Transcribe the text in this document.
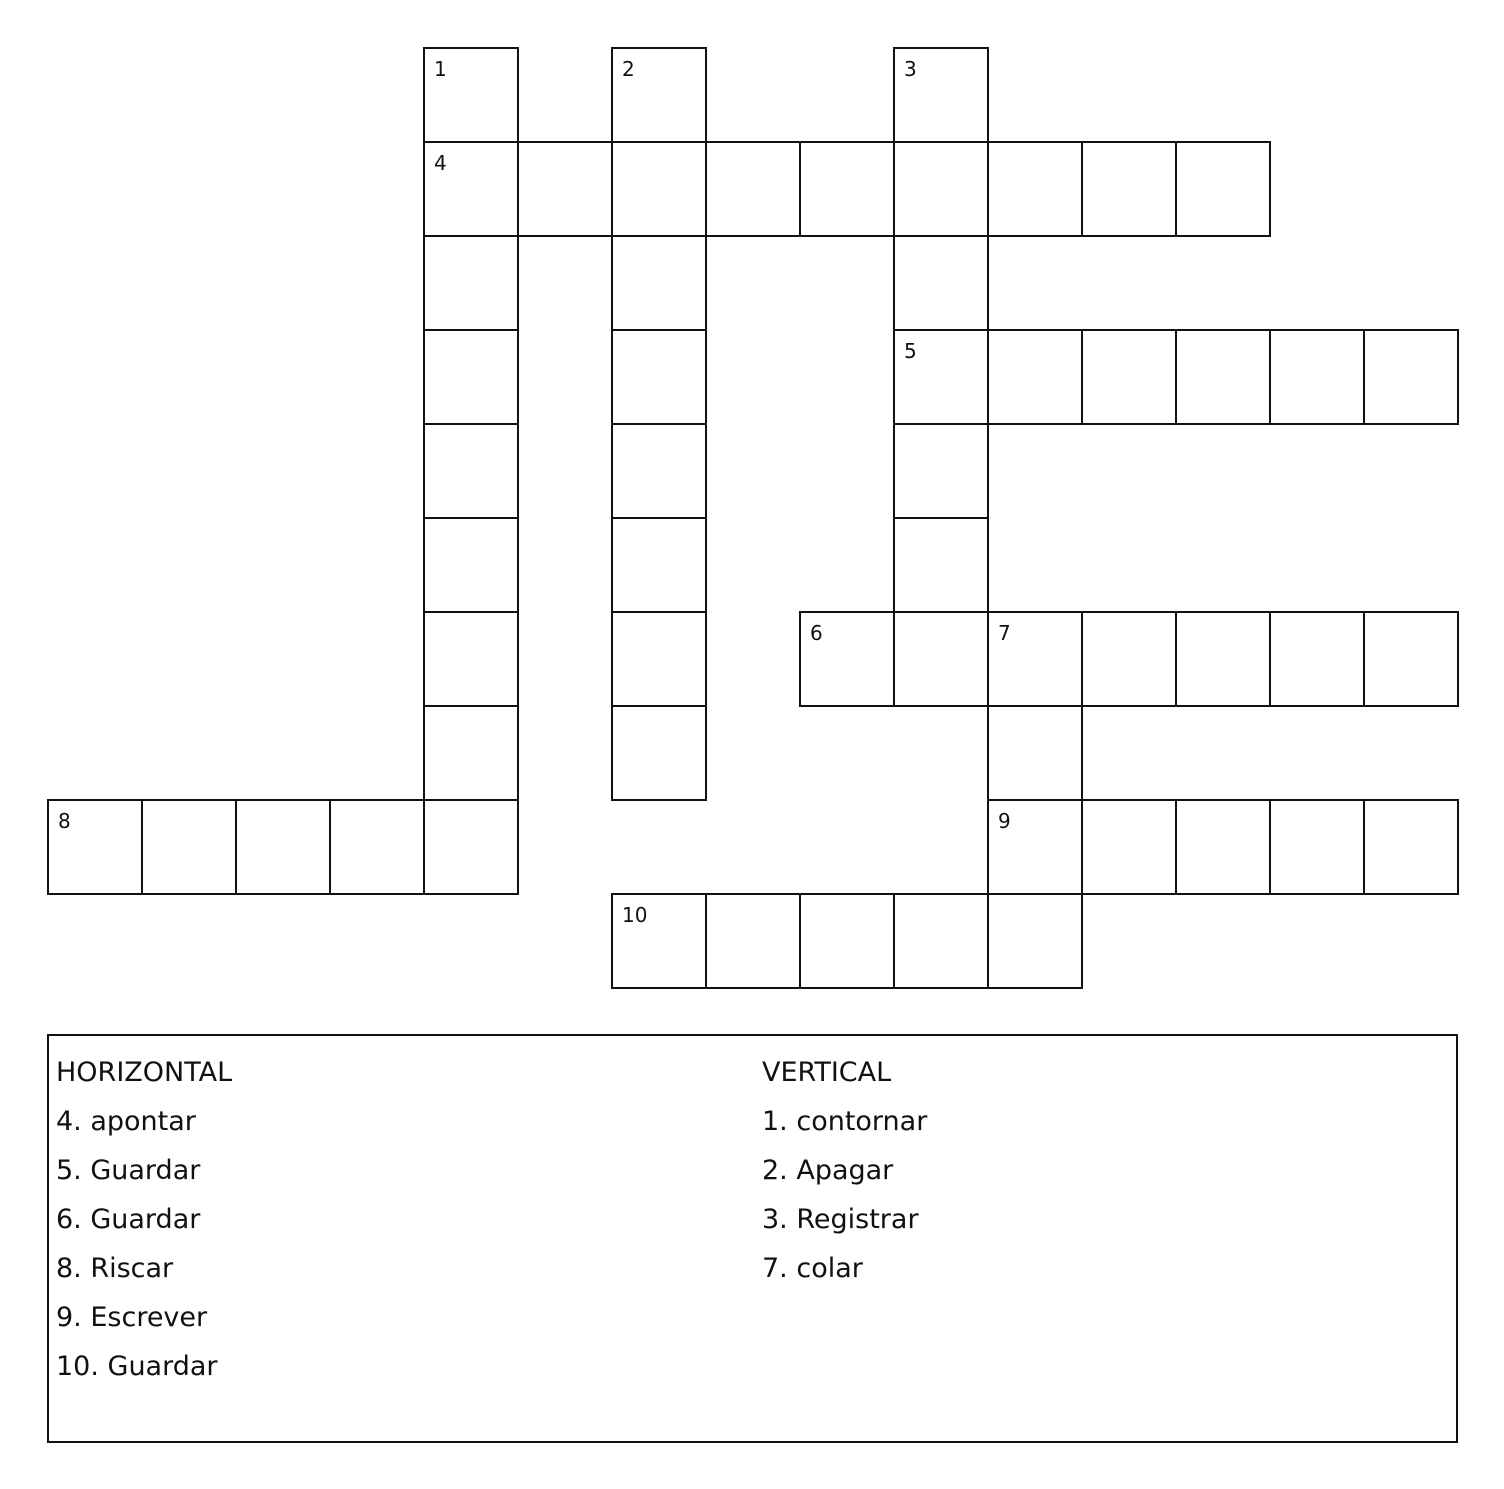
1
4
2	3
5
6	7
9
8
10
HORIZONTAL
4. apontar
5. Guardar
6. Guardar
8. Riscar
9. Escrever
10. Guardar
VERTICAL
1. contornar
2. Apagar
3. Registrar
7. colar
